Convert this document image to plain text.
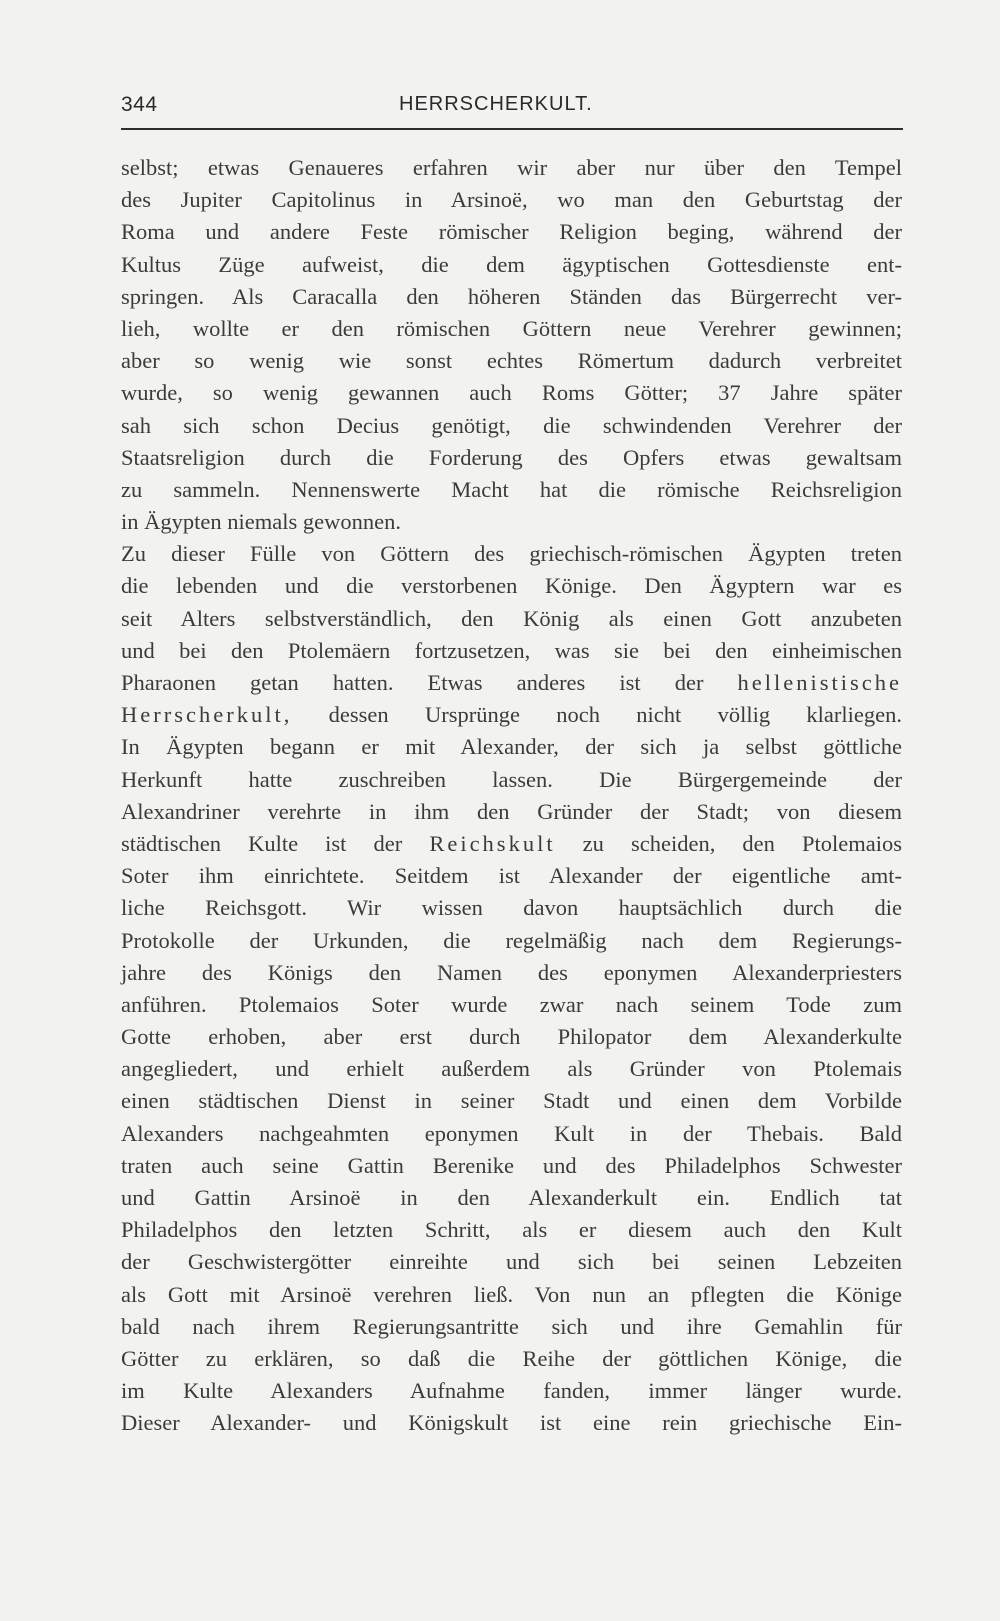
344	HERRSCHERKULT.
selbst; etwas Genaueres erfahren wir aber nur über den Tempel
des Jupiter Capitolinus in Arsinoë, wo man den Geburtstag der
Roma und andere Feste römischer Religion beging, während der
Kultus Züge aufweist, die dem ägyptischen Gottesdienste ent-
springen. Als Caracalla den höheren Ständen das Bürgerrecht ver-
lieh, wollte er den römischen Göttern neue Verehrer gewinnen;
aber so wenig wie sonst echtes Römertum dadurch verbreitet
wurde, so wenig gewannen auch Roms Götter; 37 Jahre später
sah sich schon Decius genötigt, die schwindenden Verehrer der
Staatsreligion durch die Forderung des Opfers etwas gewaltsam
zu sammeln. Nennenswerte Macht hat die römische Reichsreligion
in Ägypten niemals gewonnen.
Zu dieser Fülle von Göttern des griechisch-römischen Ägypten treten
die lebenden und die verstorbenen Könige. Den Ägyptern war es
seit Alters selbstverständlich, den König als einen Gott anzubeten
und bei den Ptolemäern fortzusetzen, was sie bei den einheimischen
Pharaonen getan hatten. Etwas anderes ist der hellenistische
Herrscherkult, dessen Ursprünge noch nicht völlig klarliegen.
In Ägypten begann er mit Alexander, der sich ja selbst göttliche
Herkunft hatte zuschreiben lassen. Die Bürgergemeinde der
Alexandriner verehrte in ihm den Gründer der Stadt; von diesem
städtischen Kulte ist der Reichskult zu scheiden, den Ptolemaios
Soter ihm einrichtete. Seitdem ist Alexander der eigentliche amt-
liche Reichsgott. Wir wissen davon hauptsächlich durch die
Protokolle der Urkunden, die regelmäßig nach dem Regierungs-
jahre des Königs den Namen des eponymen Alexanderpriesters
anführen. Ptolemaios Soter wurde zwar nach seinem Tode zum
Gotte erhoben, aber erst durch Philopator dem Alexanderkulte
angegliedert, und erhielt außerdem als Gründer von Ptolemais
einen städtischen Dienst in seiner Stadt und einen dem Vorbilde
Alexanders nachgeahmten eponymen Kult in der Thebais. Bald
traten auch seine Gattin Berenike und des Philadelphos Schwester
und Gattin Arsinoë in den Alexanderkult ein. Endlich tat
Philadelphos den letzten Schritt, als er diesem auch den Kult
der Geschwistergötter einreihte und sich bei seinen Lebzeiten
als Gott mit Arsinoë verehren ließ. Von nun an pflegten die Könige
bald nach ihrem Regierungsantritte sich und ihre Gemahlin für
Götter zu erklären, so daß die Reihe der göttlichen Könige, die
im Kulte Alexanders Aufnahme fanden, immer länger wurde.
Dieser Alexander- und Königskult ist eine rein griechische Ein-
